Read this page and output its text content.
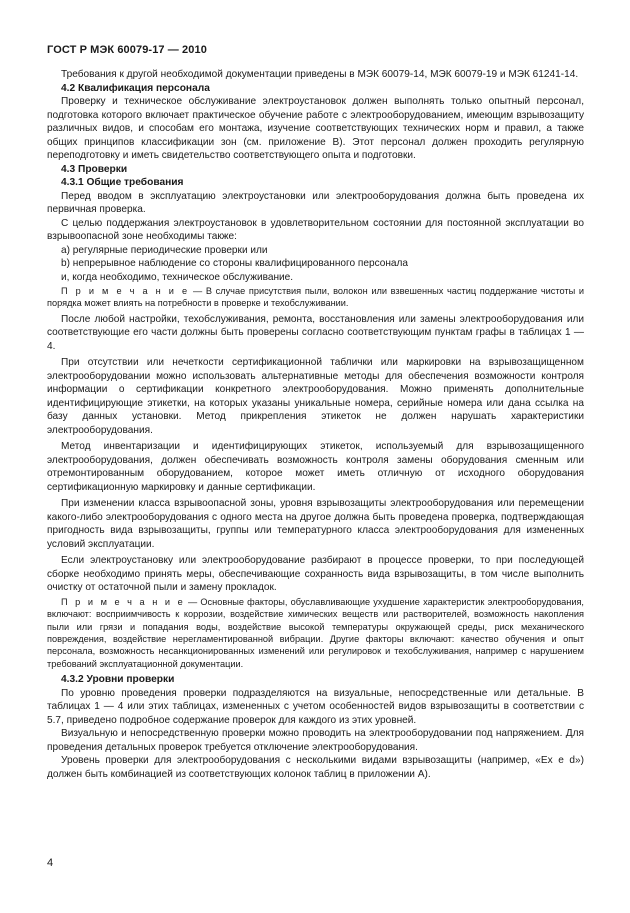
ГОСТ Р МЭК 60079-17 — 2010

Требования к другой необходимой документации приведены в МЭК 60079-14, МЭК 60079-19 и МЭК 61241-14.

4.2 Квалификация персонала

Проверку и техническое обслуживание электроустановок должен выполнять только опытный персонал, подготовка которого включает практическое обучение работе с электрооборудованием, имеющим взрывозащиту различных видов, и способам его монтажа, изучение соответствующих технических норм и правил, а также общих принципов классификации зон (см. приложение В). Этот персонал должен проходить регулярную переподготовку и иметь свидетельство соответствующего опыта и подготовки.

4.3 Проверки
4.3.1 Общие требования

Перед вводом в эксплуатацию электроустановки или электрооборудования должна быть проведена их первичная проверка.

С целью поддержания электроустановок в удовлетворительном состоянии для постоянной эксплуатации во взрывоопасной зоне необходимы также:

a) регулярные периодические проверки или

b) непрерывное наблюдение со стороны квалифицированного персонала

и, когда необходимо, техническое обслуживание.

П р и м е ч а н и е — В случае присутствия пыли, волокон или взвешенных частиц поддержание чистоты и порядка может влиять на потребности в проверке и техобслуживании.

После любой настройки, техобслуживания, ремонта, восстановления или замены электрооборудования или соответствующие его части должны быть проверены согласно соответствующим пунктам графы в таблицах 1 — 4.

При отсутствии или нечеткости сертификационной таблички или маркировки на взрывозащищенном электрооборудовании можно использовать альтернативные методы для обеспечения возможности контроля информации о сертификации конкретного электрооборудования. Можно применять дополнительные идентифицирующие этикетки, на которых указаны уникальные номера, серийные номера или дана ссылка на базу данных установки. Метод прикрепления этикеток не должен нарушать характеристики электрооборудования.

Метод инвентаризации и идентифицирующих этикеток, используемый для взрывозащищенного электрооборудования, должен обеспечивать возможность контроля замены оборудования сменным или отремонтированным оборудованием, которое может иметь отличную от исходного оборудования сертификационную маркировку и данные сертификации.

При изменении класса взрывоопасной зоны, уровня взрывозащиты электрооборудования или перемещении какого-либо электрооборудования с одного места на другое должна быть проведена проверка, подтверждающая пригодность вида взрывозащиты, группы или температурного класса электрооборудования для измененных условий эксплуатации.

Если электроустановку или электрооборудование разбирают в процессе проверки, то при последующей сборке необходимо принять меры, обеспечивающие сохранность вида взрывозащиты, в том числе выполнить очистку от остаточной пыли и замену прокладок.

П р и м е ч а н и е — Основные факторы, обуславливающие ухудшение характеристик электрооборудования, включают: восприимчивость к коррозии, воздействие химических веществ или растворителей, возможность накопления пыли или грязи и попадания воды, воздействие высокой температуры окружающей среды, риск механического повреждения, воздействие нерегламентированной вибрации. Другие факторы включают: качество обучения и опыт персонала, возможность несанкционированных изменений или регулировок и техобслуживания, например с нарушением требований эксплуатационной документации.
4.3.2 Уровни проверки

По уровню проведения проверки подразделяются на визуальные, непосредственные или детальные. В таблицах 1 — 4 или этих таблицах, измененных с учетом особенностей видов взрывозащиты в соответствии с 5.7, приведено подробное содержание проверок для каждого из этих уровней.

Визуальную и непосредственную проверки можно проводить на электрооборудовании под напряжением. Для проведения детальных проверок требуется отключение электрооборудования.

Уровень проверки для электрооборудования с несколькими видами взрывозащиты (например, «Ex e d») должен быть комбинацией из соответствующих колонок таблиц в приложении А).

4
